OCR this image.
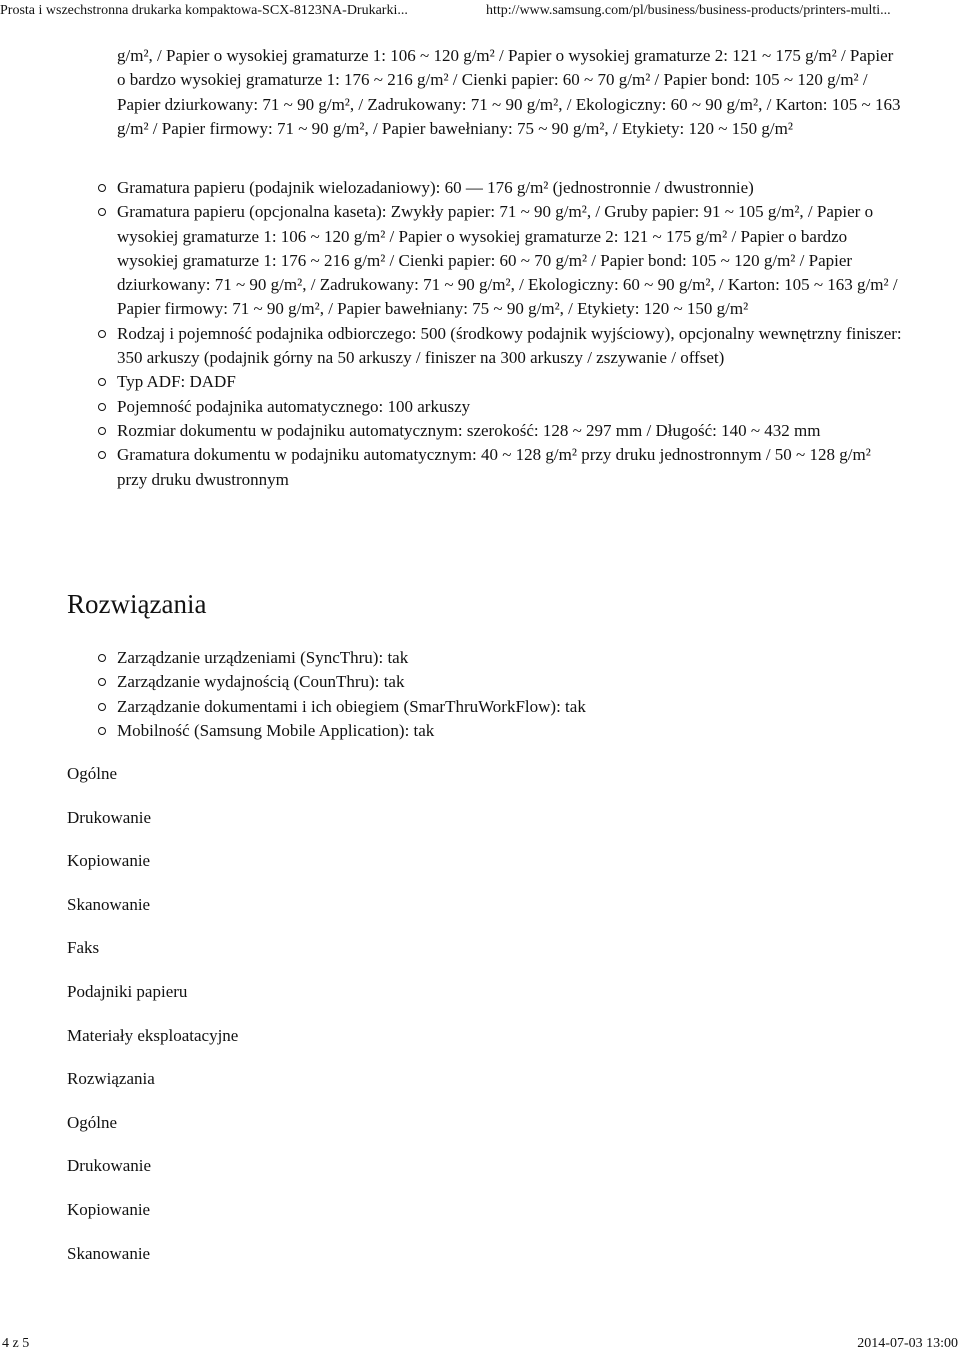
Prosta i wszechstronna drukarka kompaktowa-SCX-8123NA-Drukarki...	http://www.samsung.com/pl/business/business-products/printers-multi...
g/m², / Papier o wysokiej gramaturze 1: 106 ~ 120 g/m² / Papier o wysokiej gramaturze 2: 121 ~ 175 g/m² / Papier o bardzo wysokiej gramaturze 1: 176 ~ 216 g/m² / Cienki papier: 60 ~ 70 g/m² / Papier bond: 105 ~ 120 g/m² / Papier dziurkowany: 71 ~ 90 g/m², / Zadrukowany: 71 ~ 90 g/m², / Ekologiczny: 60 ~ 90 g/m², / Karton: 105 ~ 163 g/m² / Papier firmowy: 71 ~ 90 g/m², / Papier bawełniany: 75 ~ 90 g/m², / Etykiety: 120 ~ 150 g/m²
Gramatura papieru (podajnik wielozadaniowy): 60 — 176 g/m² (jednostronnie / dwustronnie)
Gramatura papieru (opcjonalna kaseta): Zwykły papier: 71 ~ 90 g/m², / Gruby papier: 91 ~ 105 g/m², / Papier o wysokiej gramaturze 1: 106 ~ 120 g/m² / Papier o wysokiej gramaturze 2: 121 ~ 175 g/m² / Papier o bardzo wysokiej gramaturze 1: 176 ~ 216 g/m² / Cienki papier: 60 ~ 70 g/m² / Papier bond: 105 ~ 120 g/m² / Papier dziurkowany: 71 ~ 90 g/m², / Zadrukowany: 71 ~ 90 g/m², / Ekologiczny: 60 ~ 90 g/m², / Karton: 105 ~ 163 g/m² / Papier firmowy: 71 ~ 90 g/m², / Papier bawełniany: 75 ~ 90 g/m², / Etykiety: 120 ~ 150 g/m²
Rodzaj i pojemność podajnika odbiorczego: 500 (środkowy podajnik wyjściowy), opcjonalny wewnętrzny finiszer: 350 arkuszy (podajnik górny na 50 arkuszy / finiszer na 300 arkuszy / zszywanie / offset)
Typ ADF: DADF
Pojemność podajnika automatycznego: 100 arkuszy
Rozmiar dokumentu w podajniku automatycznym: szerokość: 128 ~ 297 mm / Długość: 140 ~ 432 mm
Gramatura dokumentu w podajniku automatycznym: 40 ~ 128 g/m² przy druku jednostronnym / 50 ~ 128 g/m² przy druku dwustronnym
Rozwiązania
Zarządzanie urządzeniami (SyncThru): tak
Zarządzanie wydajnością (CounThru): tak
Zarządzanie dokumentami i ich obiegiem (SmarThruWorkFlow): tak
Mobilność (Samsung Mobile Application): tak
Ogólne
Drukowanie
Kopiowanie
Skanowanie
Faks
Podajniki papieru
Materiały eksploatacyjne
Rozwiązania
Ogólne
Drukowanie
Kopiowanie
Skanowanie
4 z 5	2014-07-03 13:00
